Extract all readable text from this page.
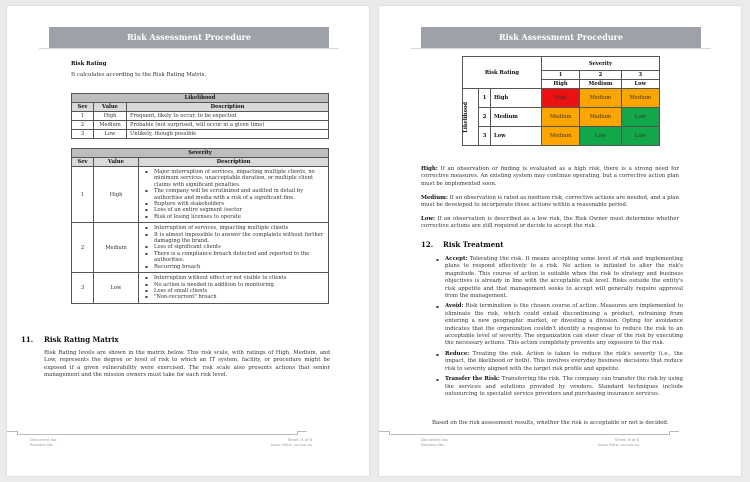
Risk Assessment Procedure
Risk Rating
It calculates according to the Risk Rating Matrix.
Likelihood		
Sev	Value	Description
1	High	Frequent, likely to occur, to be expected
2	Medium	Probable (not surprised, will occur in a given time)
3	Low	Unlikely, though possible
Severity		
Sev	Value	Description
1	High	
▪ Major interruption of services, impacting multiple clients, no minimum services, unacceptable duration, or multiple client claims with significant penalties.
▪ The company will be scrutinized and audited in detail by authorities and media with a risk of a significant fine.
▪ Rupture with stakeholders
▪ Loss of an entire segment /sector
▪ Risk of losing licenses to operate

2	Medium	
▪ Interruption of services, impacting multiple clients
▪ It is almost impossible to answer the complaints without further damaging the brand.
▪ Loss of significant clients
▪ There is a compliance breach detected and reported to the authorities.
▪ Recurring breach

3	Low	
▪ Interruption without effect or not visible to clients
▪ No action is needed in addition to monitoring.
▪ Loss of small clients
▪ "Non-recurrent" breach
11. Risk Rating Matrix
Risk Rating levels are shown in the matrix below. This risk scale, with ratings of High, Medium, and Low, represents the degree or level of risk to which an IT system, facility, or procedure might be exposed if a given vulnerability were exercised. The risk scale also presents actions that senior management and the mission owners must take for each risk level.
Document No:
Revision No:
Sheet: 5 of 8
Issue Date: xx-xxx-xx
Risk Assessment Procedure
Risk Rating			Severity		
			1	2	3
			High	Medium	Low

Likelihood	1	High	High	Medium	Medium
	2	Medium	Medium	Medium	Low
	3	Low	Medium	Low	Low
High: If an observation or finding is evaluated as a high risk, there is a strong need for corrective measures. An existing system may continue operating, but a corrective action plan must be implemented soon.
Medium: If an observation is rated as medium risk, corrective actions are needed, and a plan must be developed to incorporate these actions within a reasonable period.
Low: If an observation is described as a low risk, the Risk Owner must determine whether corrective actions are still required or decide to accept the risk.
12. Risk Treatment
▪ Accept: Tolerating the risk. It means accepting some level of risk and implementing plans to respond effectively to a risk. No action is initiated to alter the risk's magnitude. This course of action is suitable when the risk to strategy and business objectives is already in line with the acceptable risk level. Risks outside the entity's risk appetite and that management seeks to accept will generally require approval from the management.
▪ Avoid: Risk termination is the chosen course of action. Measures are implemented to eliminate the risk, which could entail discontinuing a product, refraining from entering a new geographic market, or divesting a division. Opting for avoidance indicates that the organization couldn't identify a response to reduce the risk to an acceptable level of severity. The organization can steer clear of the risk by executing the necessary actions. This action completely prevents any exposure to the risk.
▪ Reduce: Treating the risk. Action is taken to reduce the risk's severity (i.e., the impact, the likelihood or both). This involves everyday business decisions that reduce risk to severity aligned with the target risk profile and appetite.
▪ Transfer the Risk: Transferring the risk. The company can transfer the risk by using the services and solutions provided by vendors. Standard techniques include outsourcing to specialist service providers and purchasing insurance services.
Based on the risk assessment results, whether the risk is acceptable or not is decided.
Document No:
Revision No:
Sheet: 6 of 8
Issue Date: xx-xxx-xx
